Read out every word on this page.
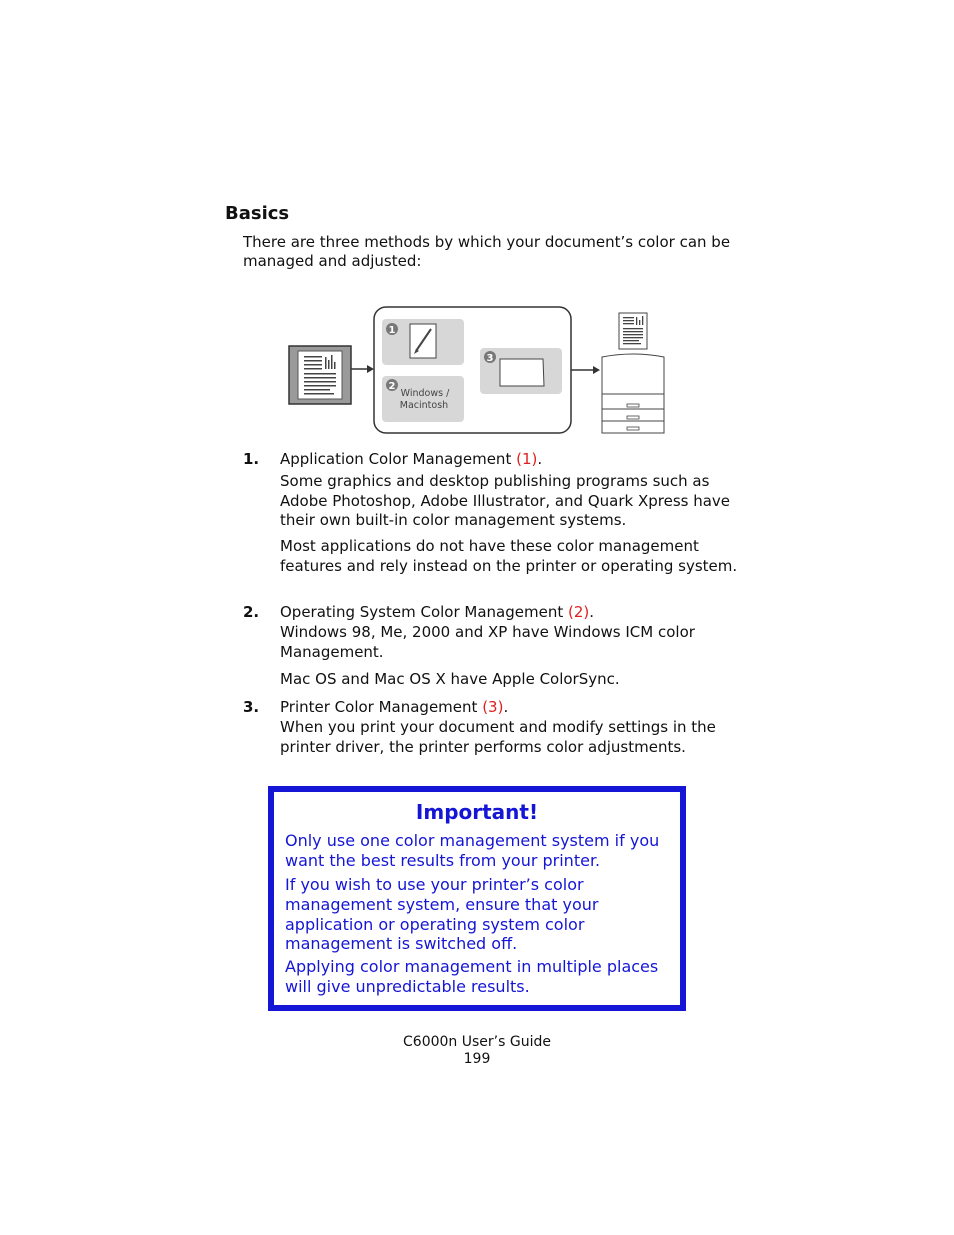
Basics

There are three methods by which your document’s color can be managed and adjusted:

1
2
Windows /
Macintosh
3
1. Application Color Management (1).

Some graphics and desktop publishing programs such as Adobe Photoshop, Adobe Illustrator, and Quark Xpress have their own built-in color management systems.

Most applications do not have these color management features and rely instead on the printer or operating system.

2. Operating System Color Management (2).

Windows 98, Me, 2000 and XP have Windows ICM color Management.

Mac OS and Mac OS X have Apple ColorSync.

3. Printer Color Management (3).

When you print your document and modify settings in the printer driver, the printer performs color adjustments.

Important!

Only use one color management system if you want the best results from your printer.

If you wish to use your printer’s color management system, ensure that your application or operating system color management is switched off.

Applying color management in multiple places will give unpredictable results.

C6000n User’s Guide
199
